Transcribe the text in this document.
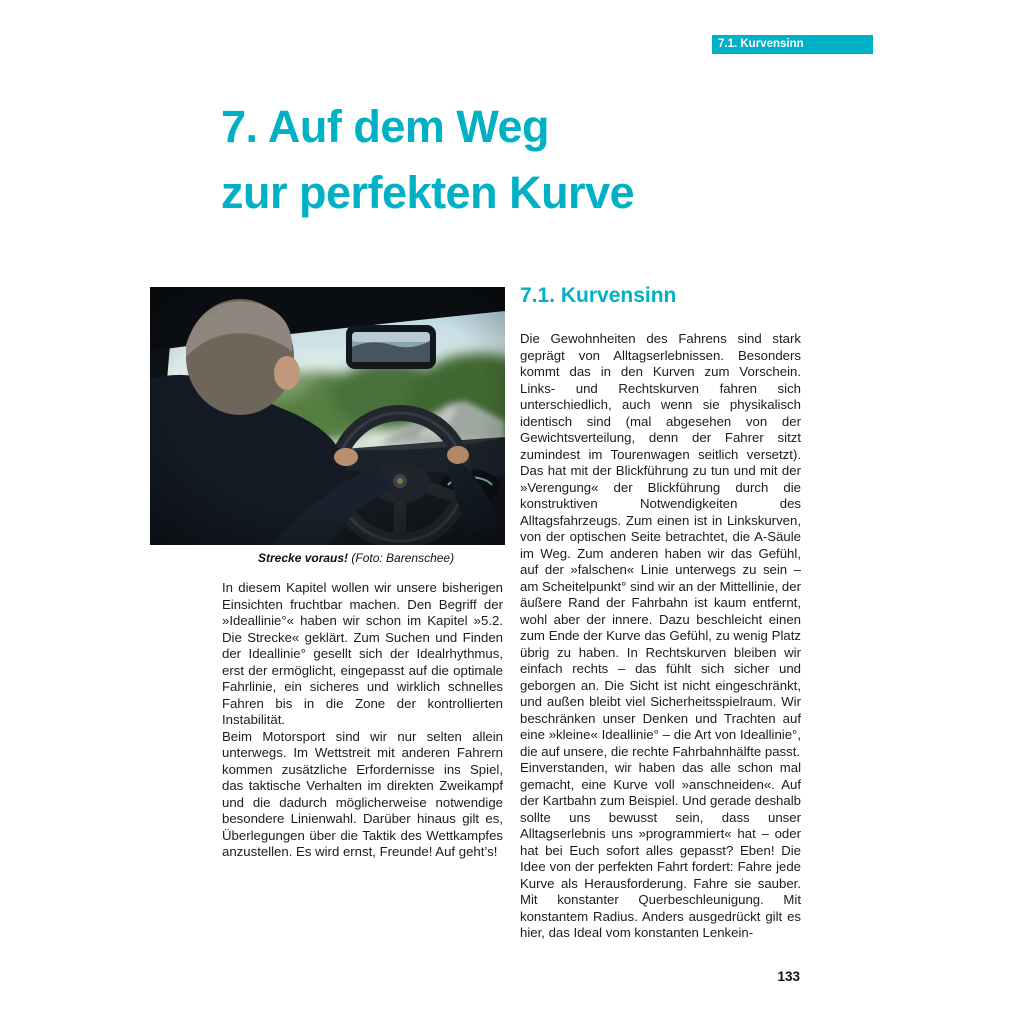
7.1. Kurvensinn
7. Auf dem Weg
zur perfekten Kurve

Strecke voraus! (Foto: Barenschee)

In diesem Kapitel wollen wir unsere bisherigen Einsichten fruchtbar machen. Den Begriff der »Ideallinie°« haben wir schon im Kapitel »5.2. Die Strecke« geklärt. Zum Suchen und Finden der Ideallinie° gesellt sich der Idealrhythmus, erst der ermöglicht, eingepasst auf die optimale Fahrlinie, ein sicheres und wirklich schnelles Fahren bis in die Zone der kontrollierten Instabilität.

Beim Motorsport sind wir nur selten allein unterwegs. Im Wettstreit mit anderen Fahrern kommen zusätzliche Erfordernisse ins Spiel, das taktische Verhalten im direkten Zweikampf und die dadurch möglicherweise notwendige besondere Linienwahl. Darüber hinaus gilt es, Überlegungen über die Taktik des Wettkampfes anzustellen. Es wird ernst, Freunde! Auf geht’s!

7.1. Kurvensinn

Die Gewohnheiten des Fahrens sind stark geprägt von Alltagserlebnissen. Besonders kommt das in den Kurven zum Vorschein. Links- und Rechtskurven fahren sich unterschiedlich, auch wenn sie physikalisch identisch sind (mal abgesehen von der Gewichtsverteilung, denn der Fahrer sitzt zumindest im Tourenwagen seitlich versetzt). Das hat mit der Blickführung zu tun und mit der »Verengung« der Blickführung durch die konstruktiven Notwendigkeiten des Alltagsfahrzeugs. Zum einen ist in Linkskurven, von der optischen Seite betrachtet, die A-Säule im Weg. Zum anderen haben wir das Gefühl, auf der »falschen« Linie unterwegs zu sein – am Scheitelpunkt° sind wir an der Mittellinie, der äußere Rand der Fahrbahn ist kaum entfernt, wohl aber der innere. Dazu beschleicht einen zum Ende der Kurve das Gefühl, zu wenig Platz übrig zu haben. In Rechtskurven bleiben wir einfach rechts – das fühlt sich sicher und geborgen an. Die Sicht ist nicht eingeschränkt, und außen bleibt viel Sicherheitsspielraum. Wir beschränken unser Denken und Trachten auf eine »kleine« Ideallinie° – die Art von Ideallinie°, die auf unsere, die rechte Fahrbahnhälfte passt.

Einverstanden, wir haben das alle schon mal gemacht, eine Kurve voll »anschneiden«. Auf der Kartbahn zum Beispiel. Und gerade deshalb sollte uns bewusst sein, dass unser Alltagserlebnis uns »programmiert« hat – oder hat bei Euch sofort alles gepasst? Eben! Die Idee von der perfekten Fahrt fordert: Fahre jede Kurve als Herausforderung. Fahre sie sauber. Mit konstanter Querbeschleunigung. Mit konstantem Radius. Anders ausgedrückt gilt es hier, das Ideal vom konstanten Lenkein-

133
